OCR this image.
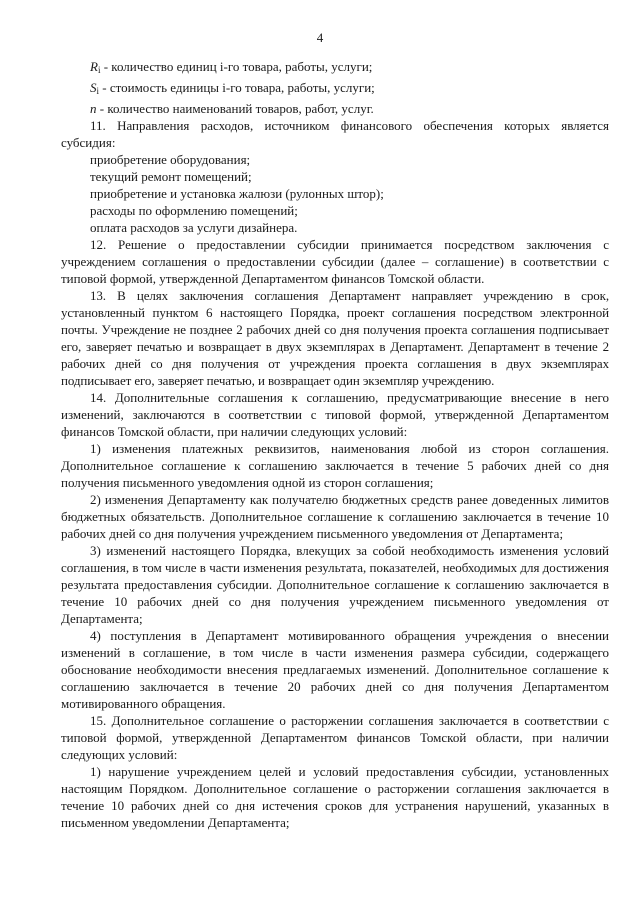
4

$R_i$ - количество единиц i-го товара, работы, услуги;

$S_i$ - стоимость единицы i-го товара, работы, услуги;

n - количество наименований товаров, работ, услуг.

11. Направления расходов, источником финансового обеспечения которых является субсидия:

приобретение оборудования;

текущий ремонт помещений;

приобретение и установка жалюзи (рулонных штор);

расходы по оформлению помещений;

оплата расходов за услуги дизайнера.

12. Решение о предоставлении субсидии принимается посредством заключения с учреждением соглашения о предоставлении субсидии (далее – соглашение) в соответствии с типовой формой, утвержденной Департаментом финансов Томской области.

13. В целях заключения соглашения Департамент направляет учреждению в срок, установленный пунктом 6 настоящего Порядка, проект соглашения посредством электронной почты. Учреждение не позднее 2 рабочих дней со дня получения проекта соглашения подписывает его, заверяет печатью и возвращает в двух экземплярах в Департамент. Департамент в течение 2 рабочих дней со дня получения от учреждения проекта соглашения в двух экземплярах подписывает его, заверяет печатью, и возвращает один экземпляр учреждению.

14. Дополнительные соглашения к соглашению, предусматривающие внесение в него изменений, заключаются в соответствии с типовой формой, утвержденной Департаментом финансов Томской области, при наличии следующих условий:

1) изменения платежных реквизитов, наименования любой из сторон соглашения. Дополнительное соглашение к соглашению заключается в течение 5 рабочих дней со дня получения письменного уведомления одной из сторон соглашения;

2) изменения Департаменту как получателю бюджетных средств ранее доведенных лимитов бюджетных обязательств. Дополнительное соглашение к соглашению заключается в течение 10 рабочих дней со дня получения учреждением письменного уведомления от Департамента;

3) изменений настоящего Порядка, влекущих за собой необходимость изменения условий соглашения, в том числе в части изменения результата, показателей, необходимых для достижения результата предоставления субсидии. Дополнительное соглашение к соглашению заключается в течение 10 рабочих дней со дня получения учреждением письменного уведомления от Департамента;

4) поступления в Департамент мотивированного обращения учреждения о внесении изменений в соглашение, в том числе в части изменения размера субсидии, содержащего обоснование необходимости внесения предлагаемых изменений. Дополнительное соглашение к соглашению заключается в течение 20 рабочих дней со дня получения Департаментом мотивированного обращения.

15. Дополнительное соглашение о расторжении соглашения заключается в соответствии с типовой формой, утвержденной Департаментом финансов Томской области, при наличии следующих условий:

1) нарушение учреждением целей и условий предоставления субсидии, установленных настоящим Порядком. Дополнительное соглашение о расторжении соглашения заключается в течение 10 рабочих дней со дня истечения сроков для устранения нарушений, указанных в письменном уведомлении Департамента;
